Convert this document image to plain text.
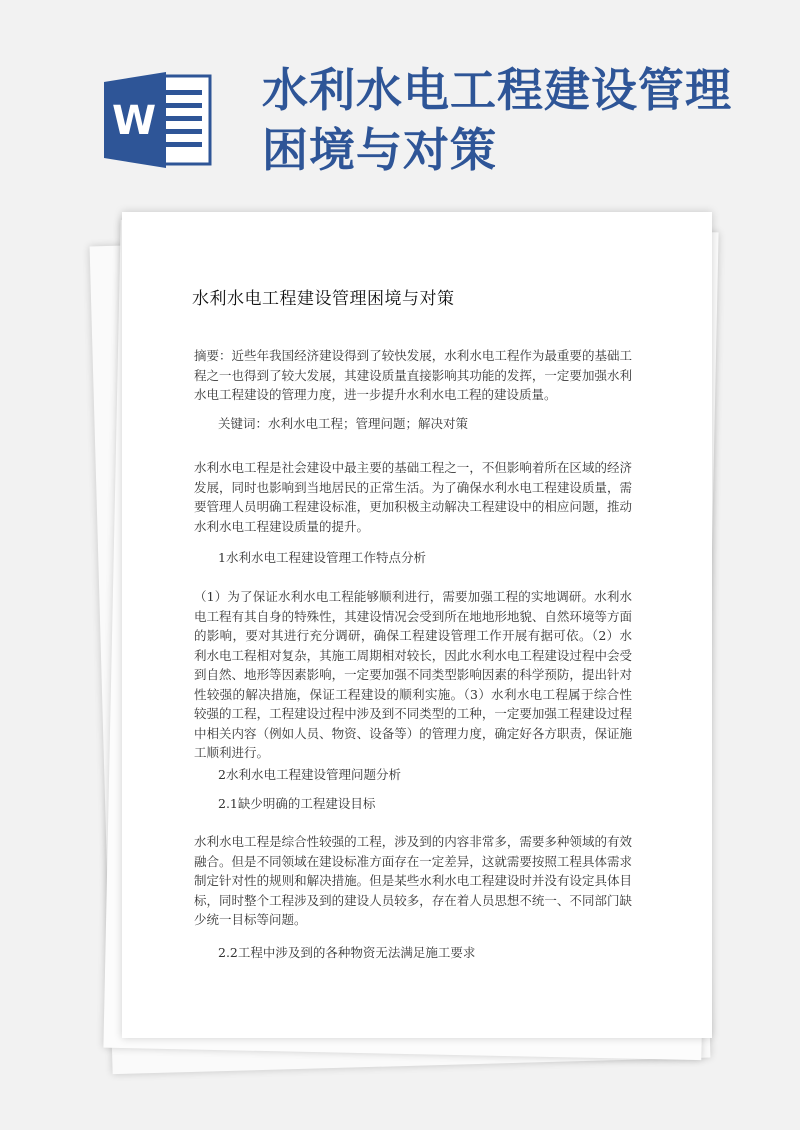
W
水利水电工程建设管理
困境与对策
水利水电工程建设管理困境与对策
摘要：近些年我国经济建设得到了较快发展，水利水电工程作为最重要的基础工程之一也得到了较大发展，其建设质量直接影响其功能的发挥，一定要加强水利水电工程建设的管理力度，进一步提升水利水电工程的建设质量。
关键词：水利水电工程；管理问题；解决对策
水利水电工程是社会建设中最主要的基础工程之一，不但影响着所在区域的经济发展，同时也影响到当地居民的正常生活。为了确保水利水电工程建设质量，需要管理人员明确工程建设标准，更加积极主动解决工程建设中的相应问题，推动水利水电工程建设质量的提升。
1水利水电工程建设管理工作特点分析
（1）为了保证水利水电工程能够顺利进行，需要加强工程的实地调研。水利水电工程有其自身的特殊性，其建设情况会受到所在地地形地貌、自然环境等方面的影响，要对其进行充分调研，确保工程建设管理工作开展有据可依。（2）水利水电工程相对复杂，其施工周期相对较长，因此水利水电工程建设过程中会受到自然、地形等因素影响，一定要加强不同类型影响因素的科学预防，提出针对性较强的解决措施，保证工程建设的顺利实施。（3）水利水电工程属于综合性较强的工程，工程建设过程中涉及到不同类型的工种，一定要加强工程建设过程中相关内容（例如人员、物资、设备等）的管理力度，确定好各方职责，保证施工顺利进行。
2水利水电工程建设管理问题分析
2.1缺少明确的工程建设目标
水利水电工程是综合性较强的工程，涉及到的内容非常多，需要多种领域的有效融合。但是不同领域在建设标准方面存在一定差异，这就需要按照工程具体需求制定针对性的规则和解决措施。但是某些水利水电工程建设时并没有设定具体目标，同时整个工程涉及到的建设人员较多，存在着人员思想不统一、不同部门缺少统一目标等问题。
2.2工程中涉及到的各种物资无法满足施工要求
